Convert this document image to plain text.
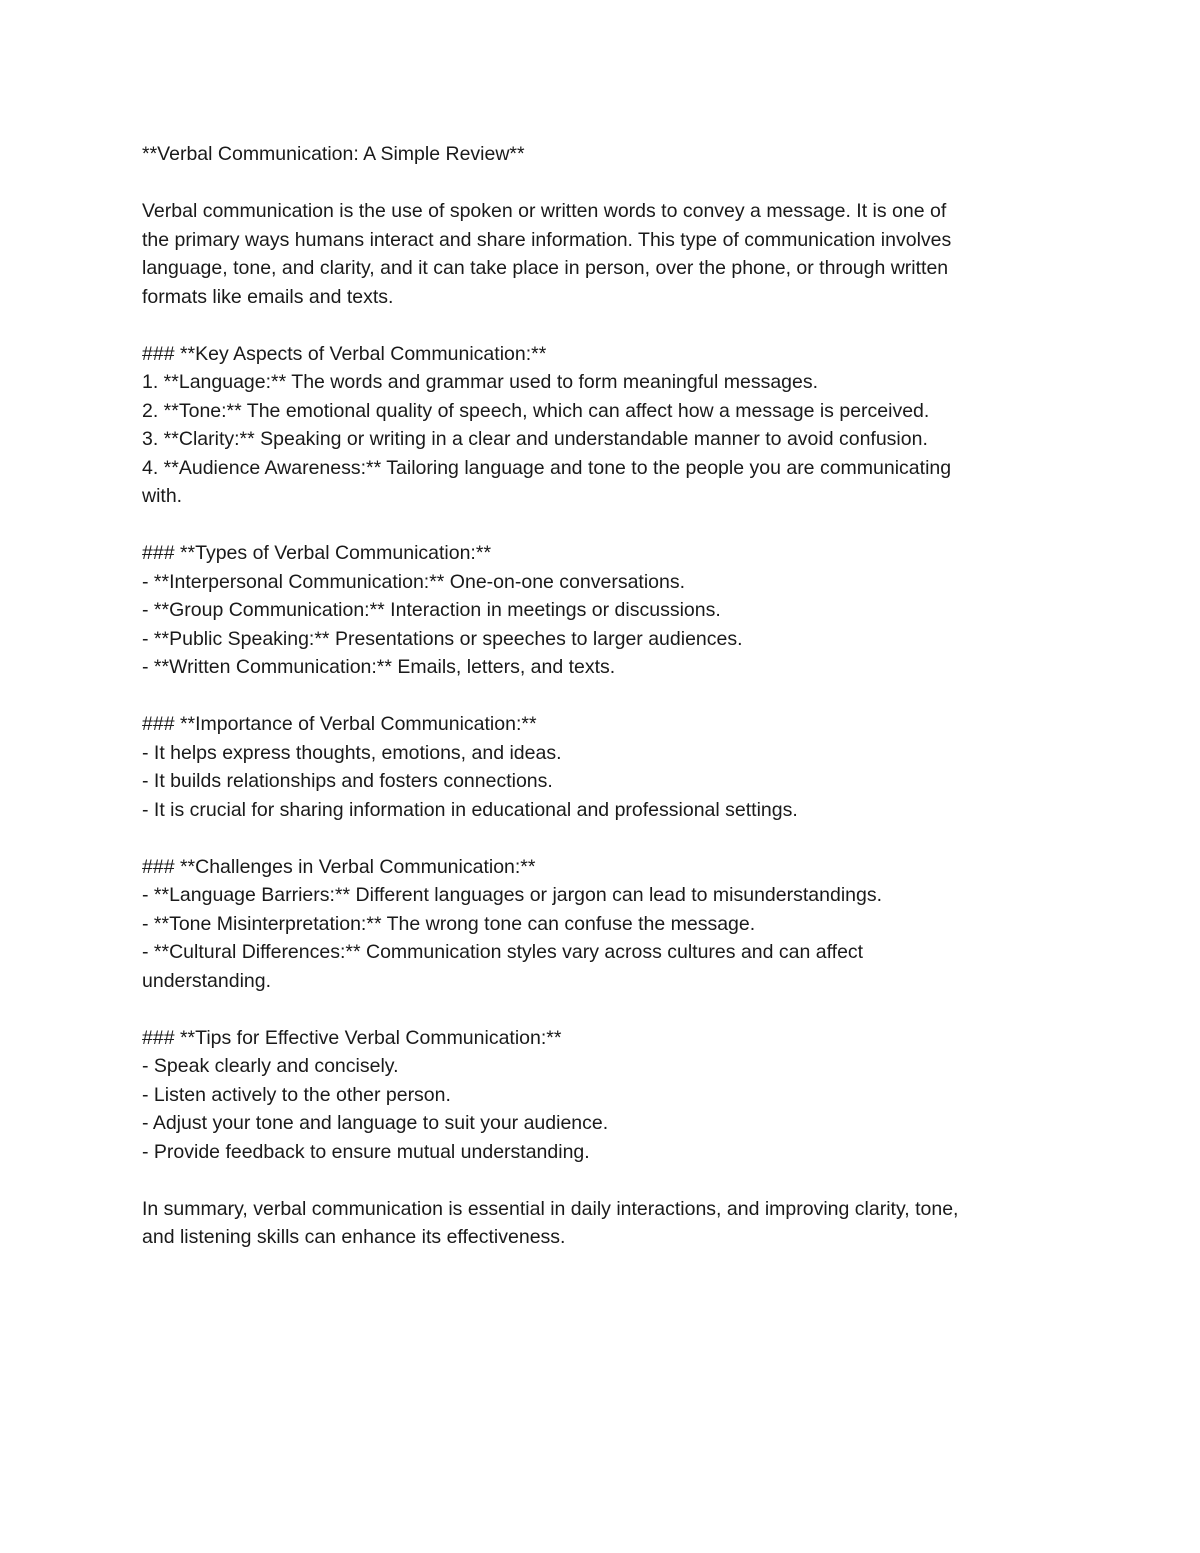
**Verbal Communication: A Simple Review**

Verbal communication is the use of spoken or written words to convey a message. It is one of
the primary ways humans interact and share information. This type of communication involves
language, tone, and clarity, and it can take place in person, over the phone, or through written
formats like emails and texts.
### **Key Aspects of Verbal Communication:**
1. **Language:** The words and grammar used to form meaningful messages.
2. **Tone:** The emotional quality of speech, which can affect how a message is perceived.
3. **Clarity:** Speaking or writing in a clear and understandable manner to avoid confusion.
4. **Audience Awareness:** Tailoring language and tone to the people you are communicating
with.
### **Types of Verbal Communication:**
- **Interpersonal Communication:** One-on-one conversations.
- **Group Communication:** Interaction in meetings or discussions.
- **Public Speaking:** Presentations or speeches to larger audiences.
- **Written Communication:** Emails, letters, and texts.
### **Importance of Verbal Communication:**
- It helps express thoughts, emotions, and ideas.
- It builds relationships and fosters connections.
- It is crucial for sharing information in educational and professional settings.
### **Challenges in Verbal Communication:**
- **Language Barriers:** Different languages or jargon can lead to misunderstandings.
- **Tone Misinterpretation:** The wrong tone can confuse the message.
- **Cultural Differences:** Communication styles vary across cultures and can affect
understanding.
### **Tips for Effective Verbal Communication:**
- Speak clearly and concisely.
- Listen actively to the other person.
- Adjust your tone and language to suit your audience.
- Provide feedback to ensure mutual understanding.
In summary, verbal communication is essential in daily interactions, and improving clarity, tone,
and listening skills can enhance its effectiveness.
